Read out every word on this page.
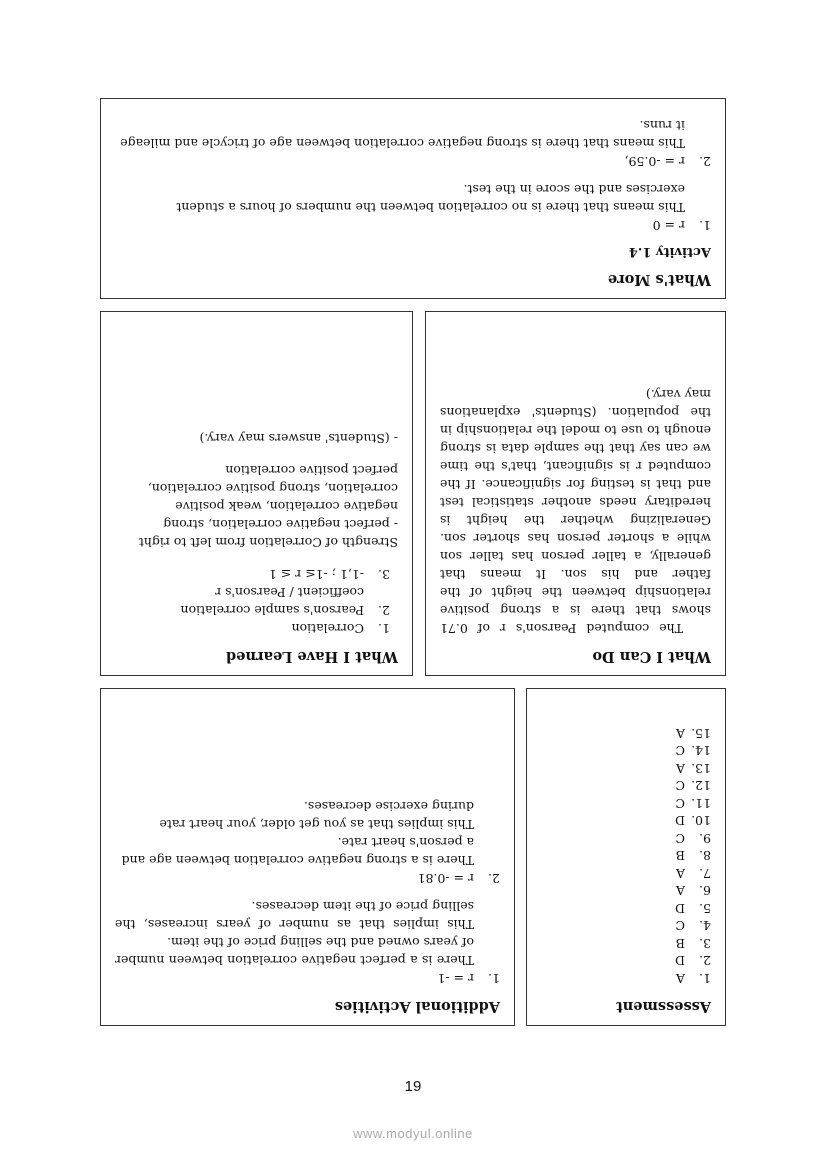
What's More
Activity 1.4

1.r = 0

This means that there is no correlation between the numbers of hours a student exercises and the score in the test.

2.r = -0.59,

This means that there is strong negative correlation between age of tricycle and mileage it runs.

What I Can Do

The computed Pearson's r of 0.71 shows that there is a strong positive relationship between the height of the father and his son. It means that generally, a taller person has taller son while a shorter person has shorter son. Generalizing whether the height is hereditary needs another statistical test and that is testing for significance. If the computed r is significant, that's the time we can say that the sample data is strong enough to use to model the relationship in the population. (Students' explanations may vary.)

What I Have Learned

1.
Correlation

2.
Pearson's sample correlation coefficient / Pearson's r

3.
-1,1 ; -1≤ r ≤ 1

Strength of Correlation from left to right

- perfect negative correlation, strong negative correlation, weak positive correlation, strong positive correlation, perfect positive correlation

- (Students' answers may vary.)

Assessment

1.A

2.D

3.B

4.C

5.D

6.A

7.A

8.B

9.C

10.D

11.C

12.C

13.A

14.C

15.A

Additional Activities

1.r = -1

There is a perfect negative correlation between number of years owned and the selling price of the item.

This implies that as number of years increases, the selling price of the item decreases.

2.r = -0.81

There is a strong negative correlation between age and a person's heart rate.

This implies that as you get older, your heart rate during exercise decreases.

19
www.modyul.online
